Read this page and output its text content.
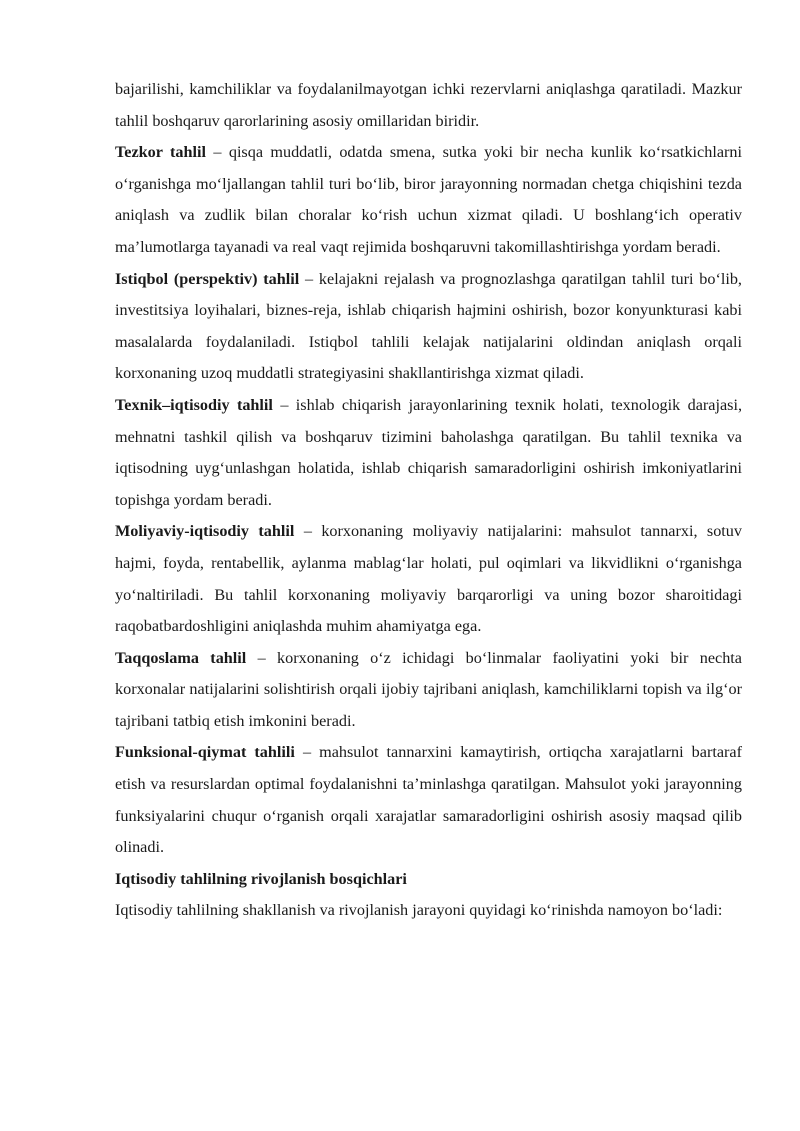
bajarilishi, kamchiliklar va foydalanilmayotgan ichki rezervlarni aniqlashga qaratiladi. Mazkur tahlil boshqaruv qarorlarining asosiy omillaridan biridir.

Tezkor tahlil – qisqa muddatli, odatda smena, sutka yoki bir necha kunlik koʻrsatkichlarni oʻrganishga moʻljallangan tahlil turi boʻlib, biror jarayonning normadan chetga chiqishini tezda aniqlash va zudlik bilan choralar koʻrish uchun xizmat qiladi. U boshlangʻich operativ maʼlumotlarga tayanadi va real vaqt rejimida boshqaruvni takomillashtirishga yordam beradi.

Istiqbol (perspektiv) tahlil – kelajakni rejalash va prognozlashga qaratilgan tahlil turi boʻlib, investitsiya loyihalari, biznes-reja, ishlab chiqarish hajmini oshirish, bozor konyunkturasi kabi masalalarda foydalaniladi. Istiqbol tahlili kelajak natijalarini oldindan aniqlash orqali korxonaning uzoq muddatli strategiyasini shakllantirishga xizmat qiladi.

Texnik–iqtisodiy tahlil – ishlab chiqarish jarayonlarining texnik holati, texnologik darajasi, mehnatni tashkil qilish va boshqaruv tizimini baholashga qaratilgan. Bu tahlil texnika va iqtisodning uygʻunlashgan holatida, ishlab chiqarish samaradorligini oshirish imkoniyatlarini topishga yordam beradi.

Moliyaviy-iqtisodiy tahlil – korxonaning moliyaviy natijalarini: mahsulot tannarxi, sotuv hajmi, foyda, rentabellik, aylanma mablagʻlar holati, pul oqimlari va likvidlikni oʻrganishga yoʻnaltiriladi. Bu tahlil korxonaning moliyaviy barqarorligi va uning bozor sharoitidagi raqobatbardoshligini aniqlashda muhim ahamiyatga ega.

Taqqoslama tahlil – korxonaning oʻz ichidagi boʻlinmalar faoliyatini yoki bir nechta korxonalar natijalarini solishtirish orqali ijobiy tajribani aniqlash, kamchiliklarni topish va ilgʻor tajribani tatbiq etish imkonini beradi.

Funksional-qiymat tahlili – mahsulot tannarxini kamaytirish, ortiqcha xarajatlarni bartaraf etish va resurslardan optimal foydalanishni taʼminlashga qaratilgan. Mahsulot yoki jarayonning funksiyalarini chuqur oʻrganish orqali xarajatlar samaradorligini oshirish asosiy maqsad qilib olinadi.

Iqtisodiy tahlilning rivojlanish bosqichlari

Iqtisodiy tahlilning shakllanish va rivojlanish jarayoni quyidagi koʻrinishda namoyon boʻladi:
